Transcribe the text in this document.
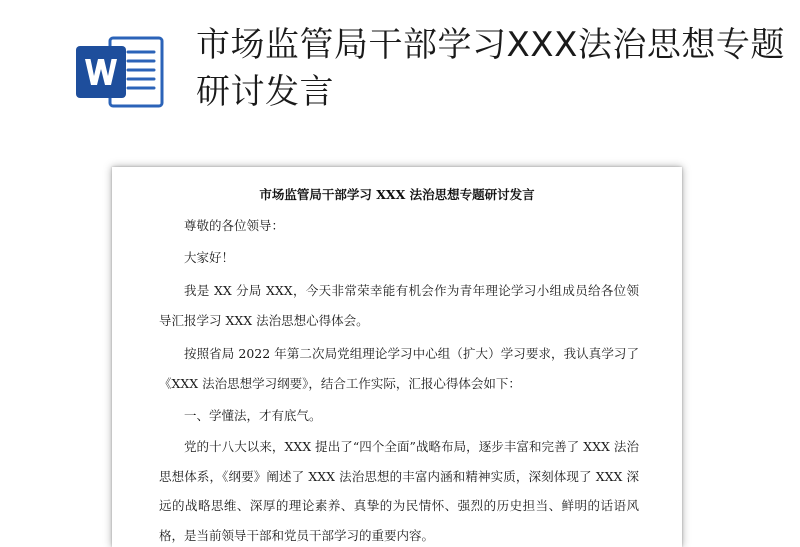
市场监管局干部学习XXX法治思想专题研讨发言
市场监管局干部学习 XXX 法治思想专题研讨发言

尊敬的各位领导：

大家好！

我是 XX 分局 XXX，今天非常荣幸能有机会作为青年理论学习小组成员给各位领导汇报学习 XXX 法治思想心得体会。

按照省局 2022 年第二次局党组理论学习中心组（扩大）学习要求，我认真学习了《XXX 法治思想学习纲要》，结合工作实际，汇报心得体会如下：

一、学懂法，才有底气。

党的十八大以来，XXX 提出了“四个全面”战略布局，逐步丰富和完善了 XXX 法治思想体系，《纲要》阐述了 XXX 法治思想的丰富内涵和精神实质，深刻体现了 XXX 深远的战略思维、深厚的理论素养、真挚的为民情怀、强烈的历史担当、鲜明的话语风格，是当前领导干部和党员干部学习的重要内容。
